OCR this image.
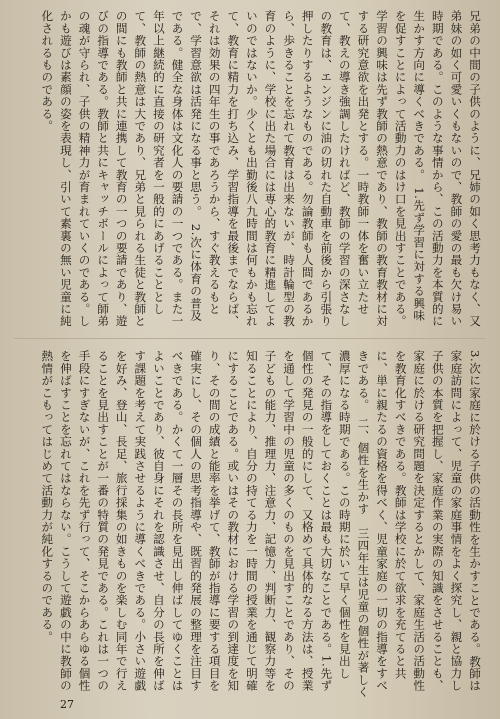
兄弟の中間の子供のように、兄姉の如く思考力もなく、又弟妹の如く可愛いくもないので、教師の愛の最も欠け易い時期である。このような事情から、この活動力を本質的に生かす方向に導くべきである。　1.先ず学習に対する興味を促すことによって活動力のはけ口を見出すことである。学習の興味は先ず教師の熱意であり、教師の教育教材に対する研究意欲を出発とする。一時教師一体を奮い立たせて、教えの導き強調したければど、教師の学習の深さなしの教育は、エンジンに油の切れた自動車を前後から引張り押したりするようなものである。勿論教師も人間であるから、歩きることを忘れて教育は出来ないが、時計輪型の教育のように、学校に出た場合には専心的教育に精進してよいのではないか。少くとも出勤後八九時間は何もかも忘れて、教育に精力を打ち込み、学習指導を最後までならば、それは効果の四年生の事であろうから、すぐ教えるもとで、学習意欲は活発になる事と思う。　2.次に体育の普及である。健全な身体は文化人の要請の一つである。また一年以上継続的に直接の研究者を一般的にあげることとして、教師の熱意は大であり、兄弟と見られる生徒と教師との間にも教師と共に連携して教育の一つの要請であり、遊びの指導である。教師と共にキャッチボールによって師弟の魂が守られ、子供の精神力が育まれていくのである。しかも遊びは素顔の姿を表現し、引いて素裏の無い児童に純化されるものである。
3.次に家庭に於ける子供の活動性を生かすことである。教師は家庭訪問によって、児童の家庭事情をよく探究し、親と協力し子供の本質を把握し、家庭作業の実際の知識をさせることも、家庭に於ける研究問題を決定するとかして、家庭生活の活動性を教育化すべきである。教師は学校に於て欲求を充てると共に、単に親たるの資格を得べく、児童家庭の一切の指導をすべきである。　二、個性を生かす　三四年生は児童の個性が著しく濃厚になる時期である。この時期に於いて早く個性を見出して、その指導をしておくことは最も大切なことである。1.先ず個性の発見の一般的にして、又格めて具体的なる方法は、授業を通して学習中の児童の多くのものを見出すことであり、その子どもの能力、推理力、注意力、記憶力、判断力、観察力等を知ることにより、自分の持てる力を一時間の授業を通じて明確にすることである。或いはその教材における学習の到達度を知り、その間の成績と能率を挙げて、教師が指導に要する項目を確実にし、その個人の思考指導や、既習的発展の整理を注目すべきである。かくて一層その長所を見出し伸ばしてゆくことはよいことであり、彼自身にそれを認識させ、自分の長所を伸ばす課題を考えて実践させるように導くべきである。小さい遊戯を好み、登山、長足、旅行採集の如きものを楽しむ同年で行えることを見出すことが一番の特質の発見である。これは一つの手段にすぎないが、これを先ず行って、そこからあらゆる個性を伸ばすことを忘れてはならない。こうして遊戯の中に教師の熱情がこもってはじめて活動力が純化するのである。
27
